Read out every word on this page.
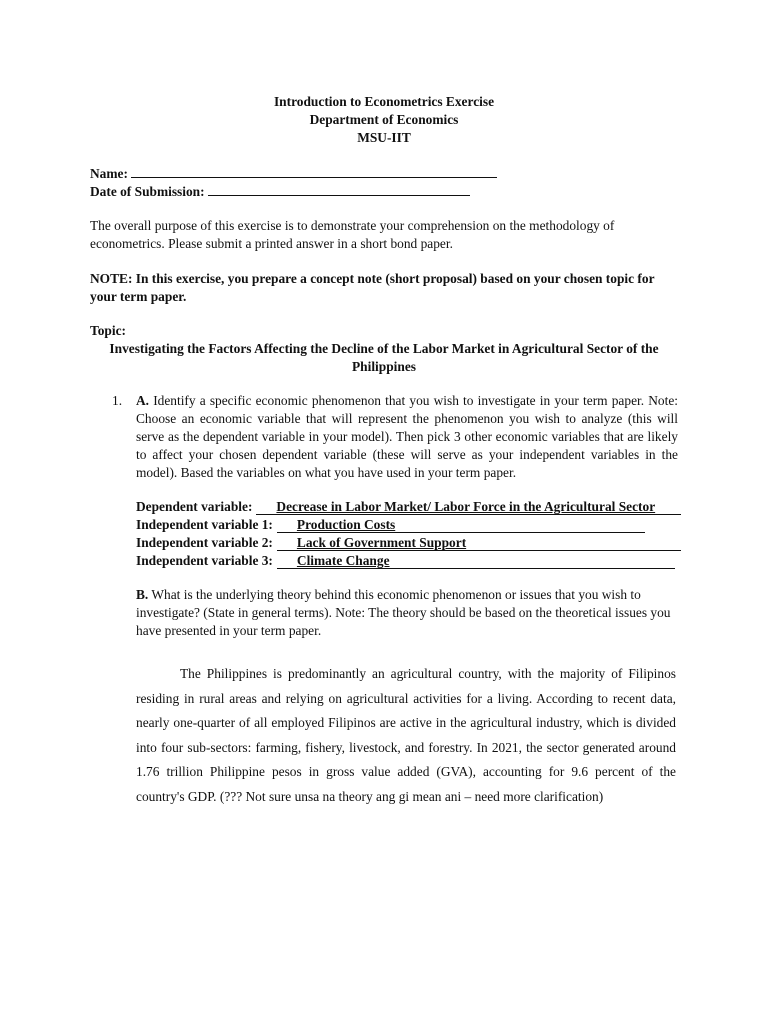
Introduction to Econometrics Exercise
Department of Economics
MSU-IIT
Name:
Date of Submission:
The overall purpose of this exercise is to demonstrate your comprehension on the methodology of econometrics. Please submit a printed answer in a short bond paper.
NOTE: In this exercise, you prepare a concept note (short proposal) based on your chosen topic for your term paper.
Topic:
Investigating the Factors Affecting the Decline of the Labor Market in Agricultural Sector of the Philippines
1. A. Identify a specific economic phenomenon that you wish to investigate in your term paper. Note: Choose an economic variable that will represent the phenomenon you wish to analyze (this will serve as the dependent variable in your model). Then pick 3 other economic variables that are likely to affect your chosen dependent variable (these will serve as your independent variables in the model). Based the variables on what you have used in your term paper.
Dependent variable:	Decrease in Labor Market/ Labor Force in the Agricultural Sector
Independent variable 1:	Production Costs
Independent variable 2:	Lack of Government Support
Independent variable 3:	Climate Change
B. What is the underlying theory behind this economic phenomenon or issues that you wish to investigate? (State in general terms). Note: The theory should be based on the theoretical issues you have presented in your term paper.
The Philippines is predominantly an agricultural country, with the majority of Filipinos residing in rural areas and relying on agricultural activities for a living. According to recent data, nearly one-quarter of all employed Filipinos are active in the agricultural industry, which is divided into four sub-sectors: farming, fishery, livestock, and forestry. In 2021, the sector generated around 1.76 trillion Philippine pesos in gross value added (GVA), accounting for 9.6 percent of the country's GDP. (??? Not sure unsa na theory ang gi mean ani – need more clarification)
